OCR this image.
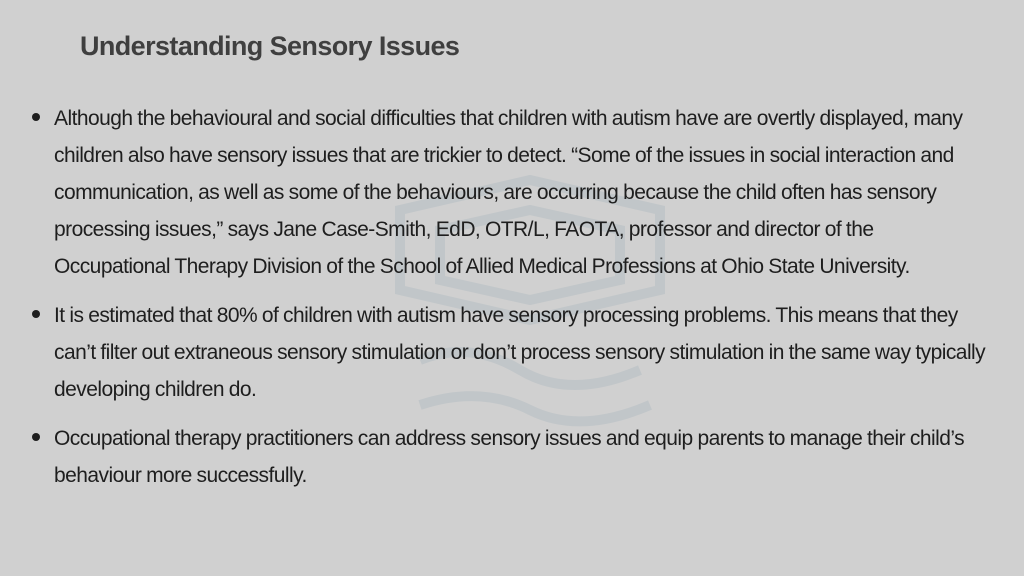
Understanding Sensory Issues
Although the behavioural and social difficulties that children with autism have are overtly displayed, many children also have sensory issues that are trickier to detect. “Some of the issues in social interaction and communication, as well as some of the behaviours, are occurring because the child often has sensory processing issues,” says Jane Case-Smith, EdD, OTR/L, FAOTA, professor and director of the Occupational Therapy Division of the School of Allied Medical Professions at Ohio State University.
It is estimated that 80% of children with autism have sensory processing problems. This means that they can’t filter out extraneous sensory stimulation or don’t process sensory stimulation in the same way typically developing children do.
Occupational therapy practitioners can address sensory issues and equip parents to manage their child’s behaviour more successfully.
